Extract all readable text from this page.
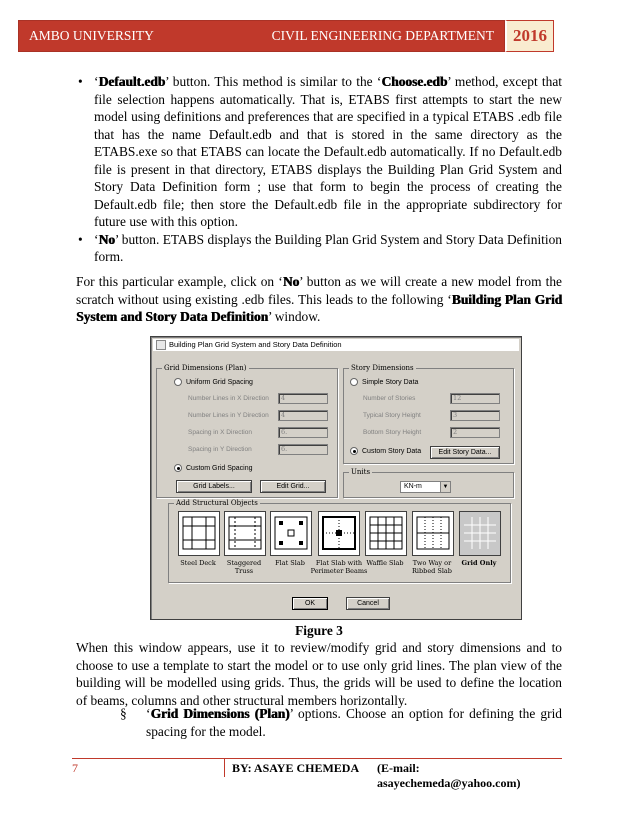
AMBO UNIVERSITY	CIVIL ENGINEERING DEPARTMENT	2016
• ‘Default.edb’ button. This method is similar to the ‘Choose.edb’ method, except that file selection happens automatically. That is, ETABS first attempts to start the new model using definitions and preferences that are specified in a typical ETABS .edb file that has the name Default.edb and that is stored in the same directory as the ETABS.exe so that ETABS can locate the Default.edb automatically. If no Default.edb file is present in that directory, ETABS displays the Building Plan Grid System and Story Data Definition form ; use that form to begin the process of creating the Default.edb file; then store the Default.edb file in the appropriate subdirectory for future use with this option.
• ‘No’ button. ETABS displays the Building Plan Grid System and Story Data Definition form.
For this particular example, click on ‘No’ button as we will create a new model from the scratch without using existing .edb files. This leads to the following ‘Building Plan Grid System and Story Data Definition’ window.
Building Plan Grid System and Story Data Definition
Grid Dimensions (Plan)
Uniform Grid Spacing
Number Lines in X Direction	4
Number Lines in Y Direction	4
Spacing in X Direction	6.
Spacing in Y Direction	6.
Custom Grid Spacing
Grid Labels...	Edit Grid...
Story Dimensions
Simple Story Data
Number of Stories	12
Typical Story Height	3
Bottom Story Height	2
Custom Story Data	Edit Story Data...
Units
KN-m	▼
Add Structural Objects
Steel Deck	Staggered Truss
Flat Slab	Flat Slab with Perimeter Beams
Waffle Slab	Two Way or Ribbed Slab
Grid Only
OK	Cancel
Figure 3
When this window appears, use it to review/modify grid and story dimensions and to choose to use a template to start the model or to use only grid lines. The plan view of the building will be modelled using grids. Thus, the grids will be used to define the location of beams, columns and other structural members horizontally.
§ ‘Grid Dimensions (Plan)’ options. Choose an option for defining the grid spacing for the model.
7	BY: ASAYE CHEMEDA (E-mail: asayechemeda@yahoo.com)
